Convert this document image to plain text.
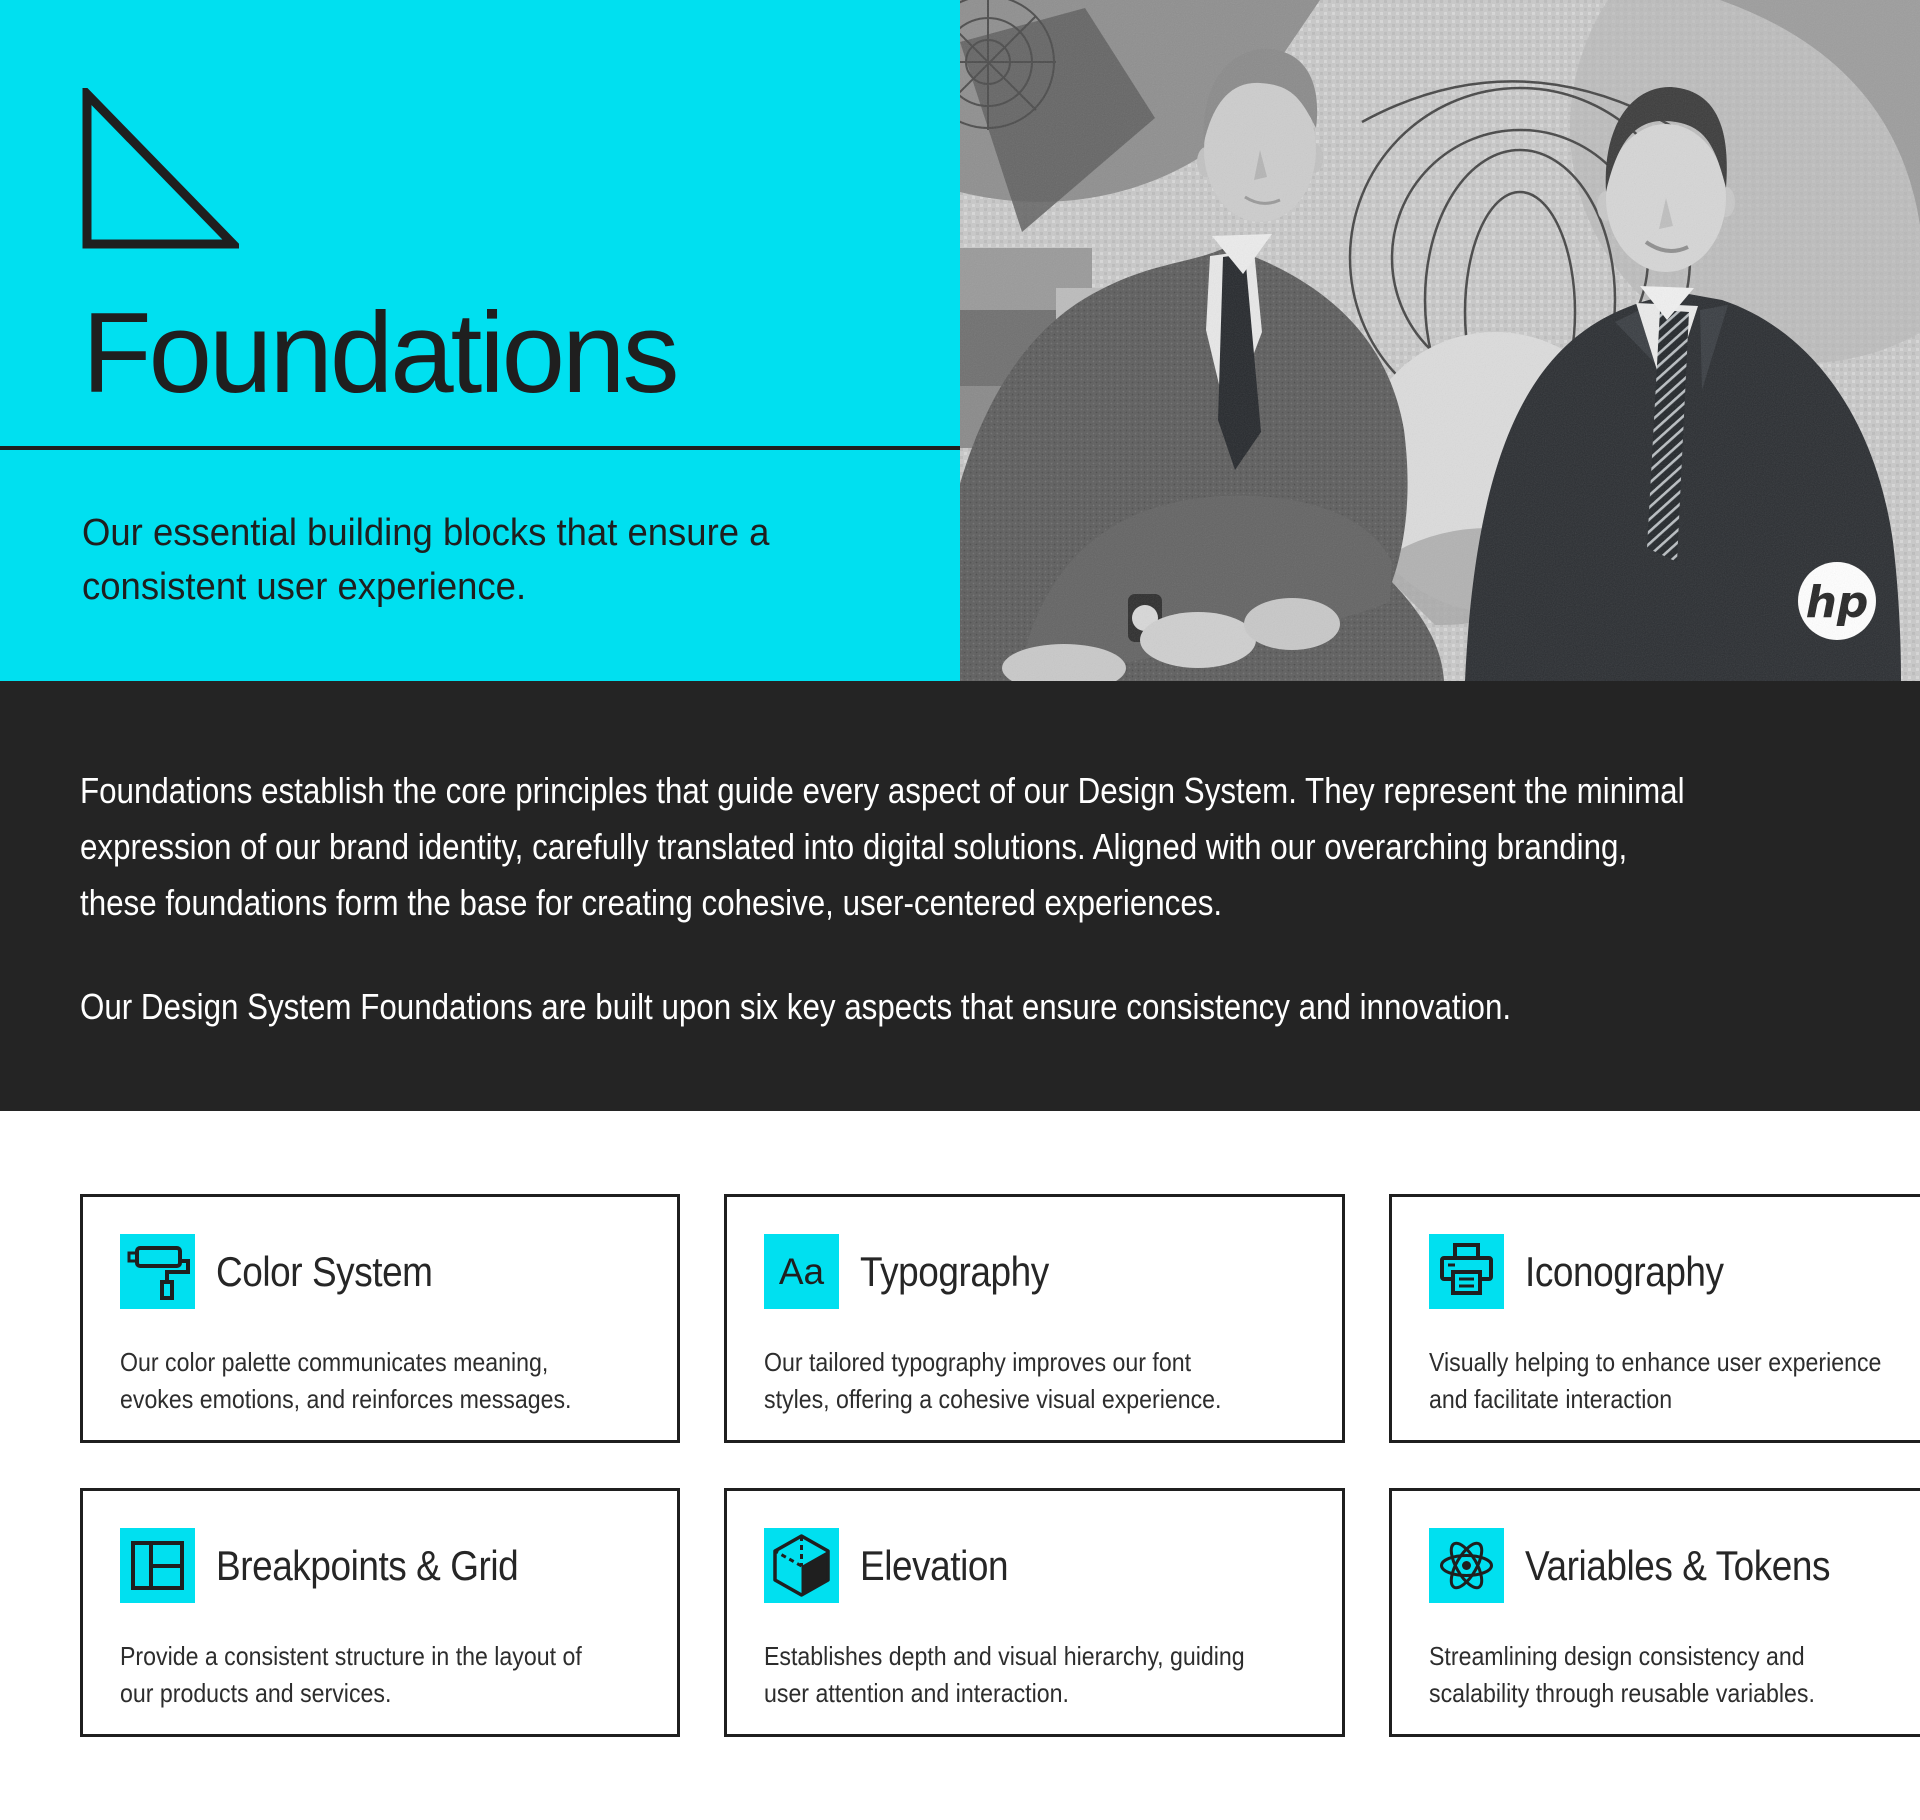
Foundations
Our essential building blocks that ensure a
consistent user experience.
Foundations establish the core principles that guide every aspect of our Design System. They represent the minimal
expression of our brand identity, carefully translated into digital solutions. Aligned with our overarching branding,
these foundations form the base for creating cohesive, user-centered experiences.
Our Design System Foundations are built upon six key aspects that ensure consistency and innovation.
Color System
Our color palette communicates meaning,
evokes emotions, and reinforces messages.
Aa Typography
Our tailored typography improves our font
styles, offering a cohesive visual experience.
Iconography
Visually helping to enhance user experience
and facilitate interaction
Breakpoints & Grid
Provide a consistent structure in the layout of
our products and services.
Elevation
Establishes depth and visual hierarchy, guiding
user attention and interaction.
Variables & Tokens
Streamlining design consistency and
scalability through reusable variables.
